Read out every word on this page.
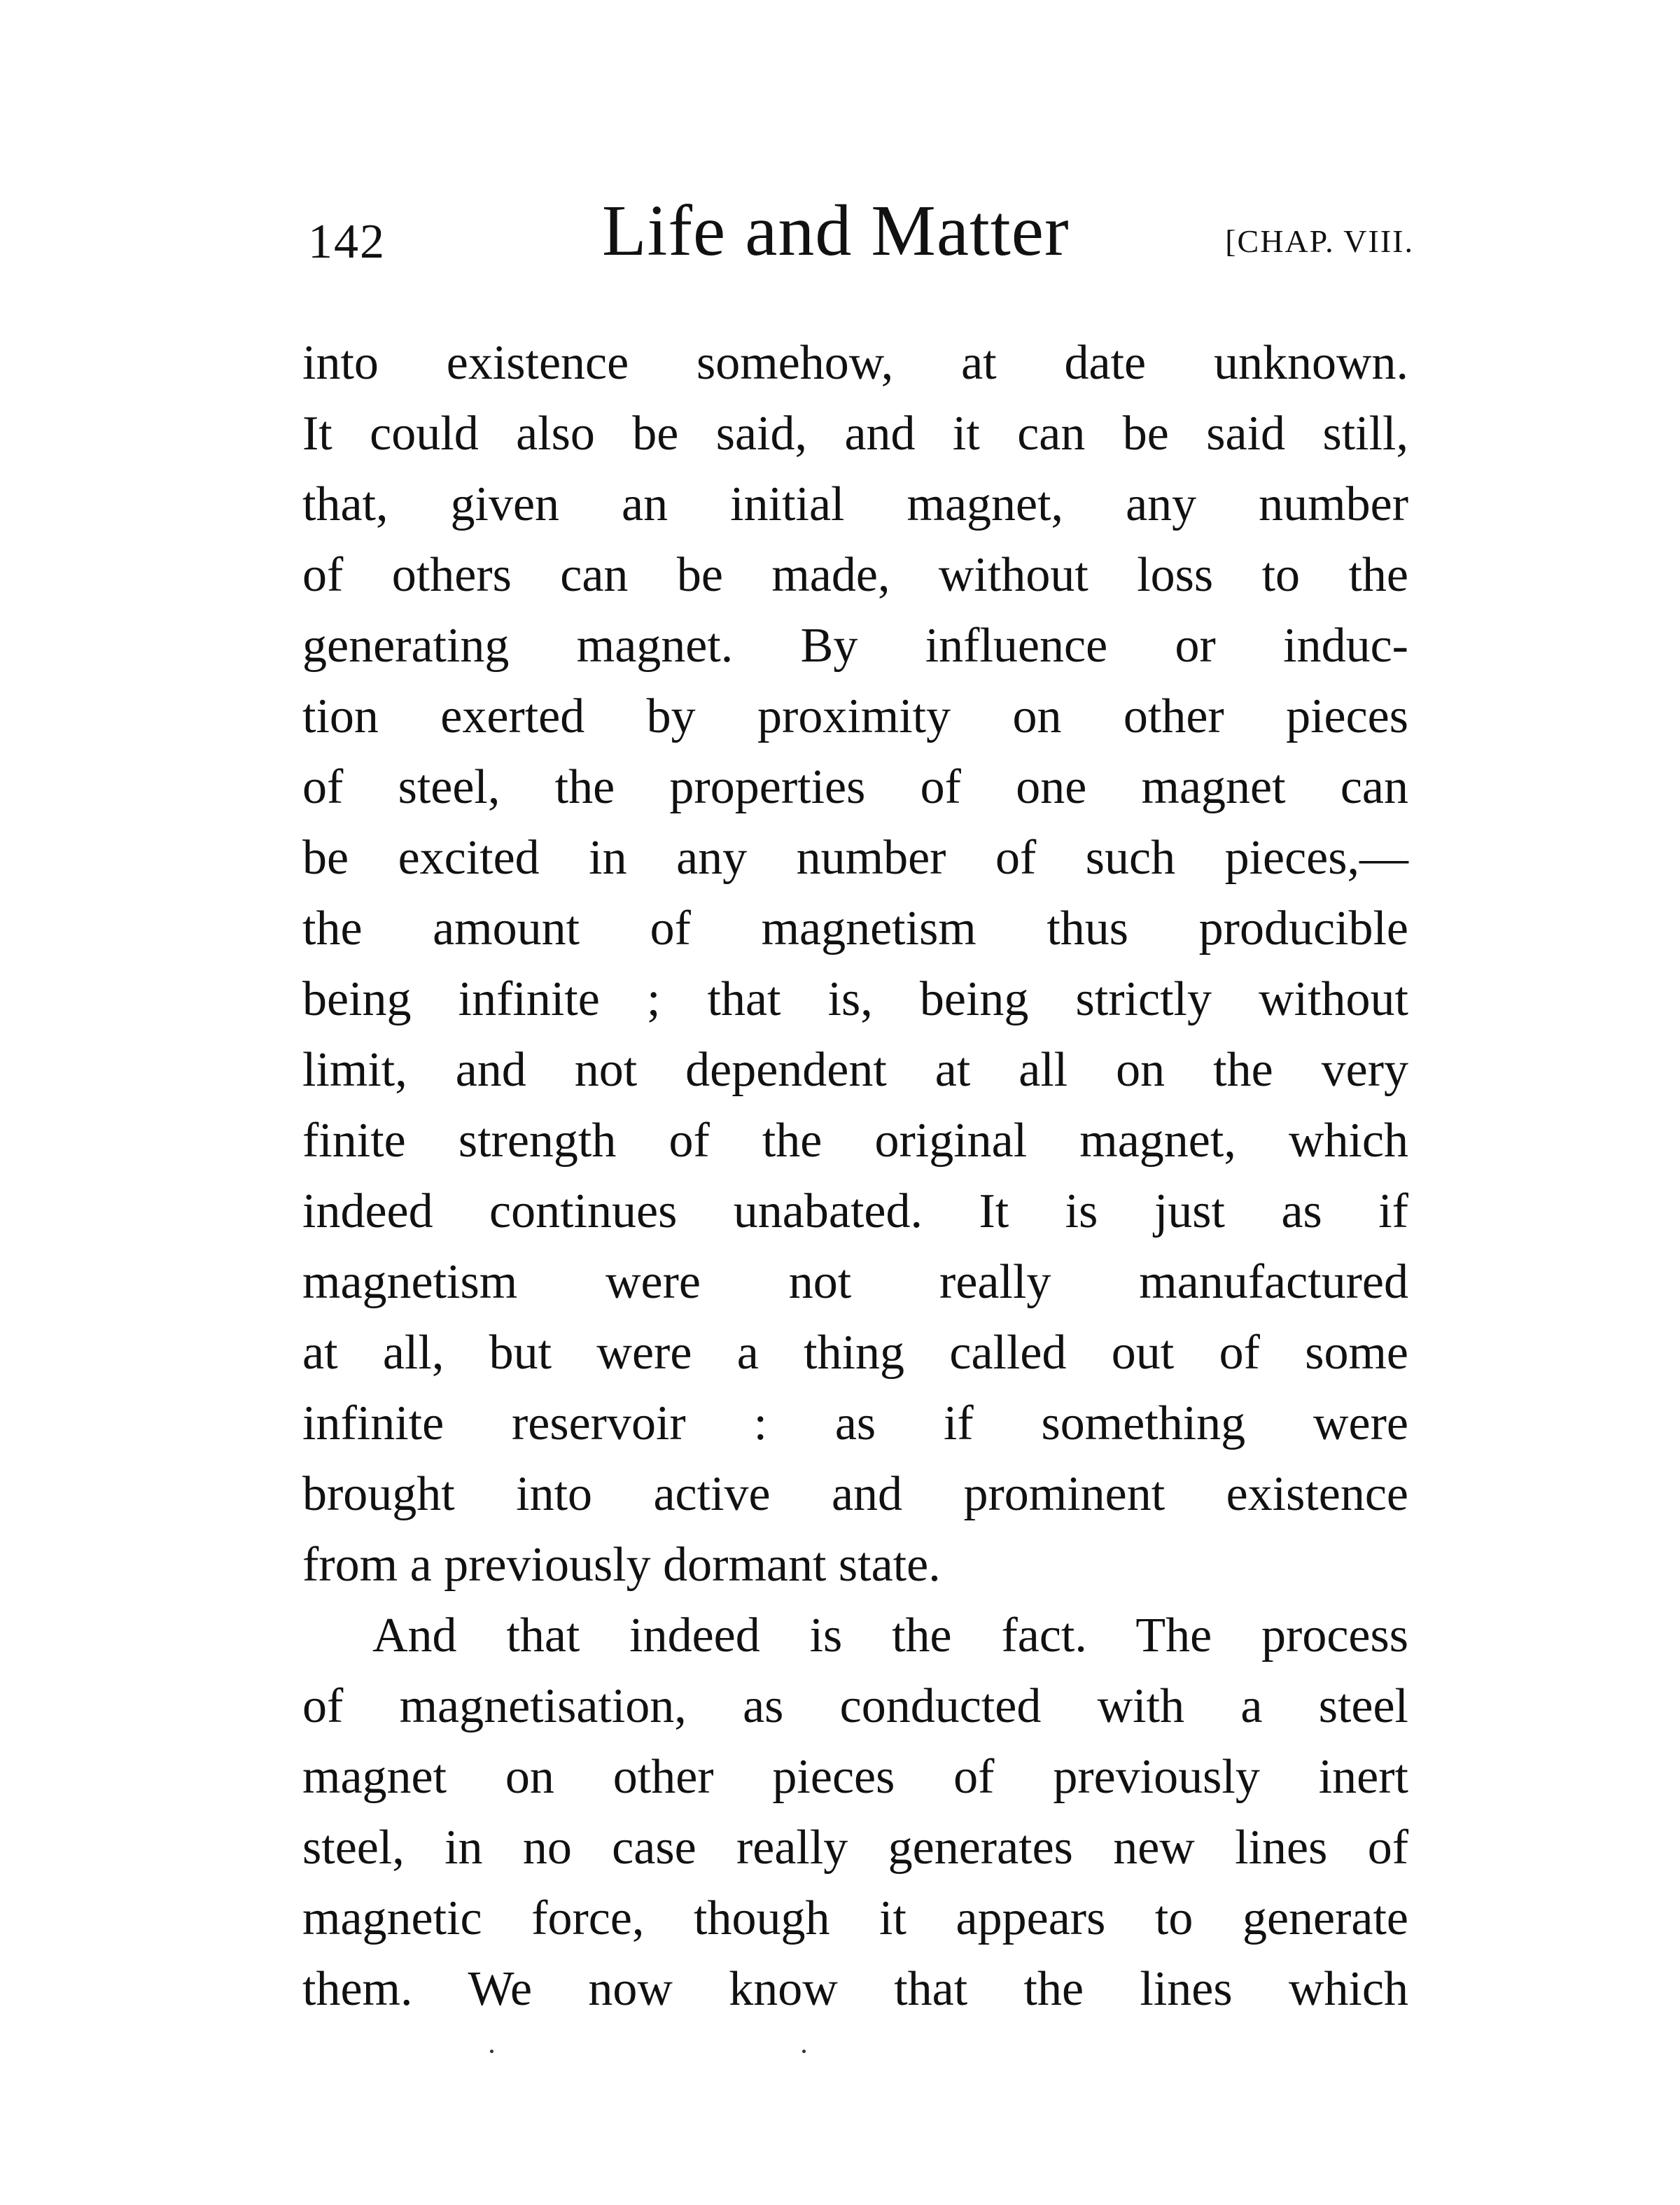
142	Life and Matter	[CHAP. VIII.
into existence somehow, at date unknown.
It could also be said, and it can be said still,
that, given an initial magnet, any number
of others can be made, without loss to the
generating magnet. By influence or induc-
tion exerted by proximity on other pieces
of steel, the properties of one magnet can
be excited in any number of such pieces,—
the amount of magnetism thus producible
being infinite ; that is, being strictly without
limit, and not dependent at all on the very
finite strength of the original magnet, which
indeed continues unabated. It is just as if
magnetism were not really manufactured
at all, but were a thing called out of some
infinite reservoir : as if something were
brought into active and prominent existence
from a previously dormant state.
And that indeed is the fact. The process
of magnetisation, as conducted with a steel
magnet on other pieces of previously inert
steel, in no case really generates new lines of
magnetic force, though it appears to generate
them. We now know that the lines which
